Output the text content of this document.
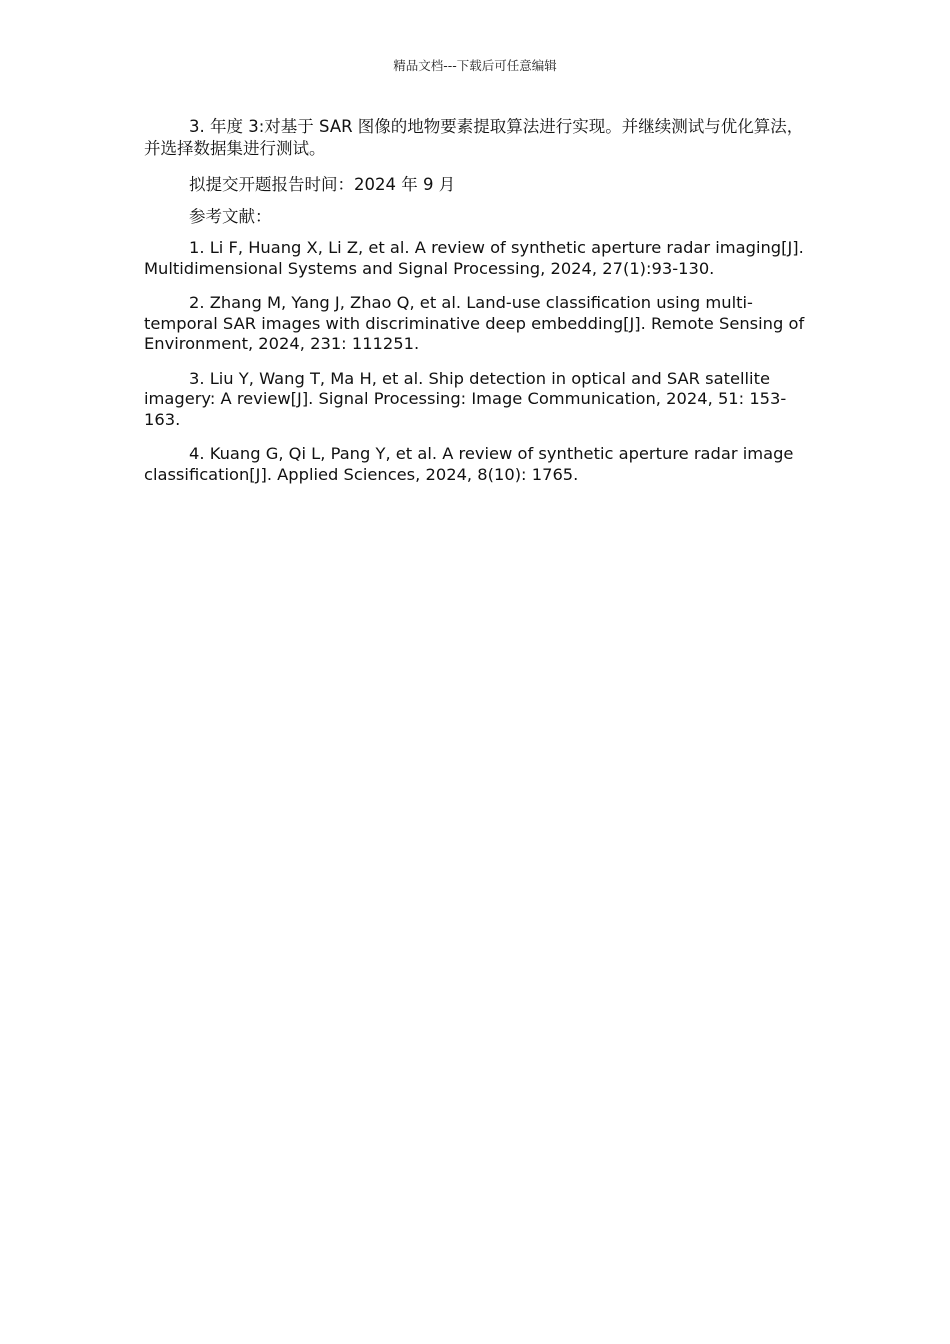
精品文档---下载后可任意编辑

3. 年度 3:对基于 SAR 图像的地物要素提取算法进行实现。并继续测试与优化算法，并选择数据集进行测试。

拟提交开题报告时间：2024 年 9 月

参考文献：

1. Li F, Huang X, Li Z, et al. A review of synthetic aperture radar imaging[J]. Multidimensional Systems and Signal Processing, 2024, 27(1):93-130.

2. Zhang M, Yang J, Zhao Q, et al. Land-use classification using multi-temporal SAR images with discriminative deep embedding[J]. Remote Sensing of Environment, 2024, 231: 111251.

3. Liu Y, Wang T, Ma H, et al. Ship detection in optical and SAR satellite imagery: A review[J]. Signal Processing: Image Communication, 2024, 51: 153-163.

4. Kuang G, Qi L, Pang Y, et al. A review of synthetic aperture radar image classification[J]. Applied Sciences, 2024, 8(10): 1765.
